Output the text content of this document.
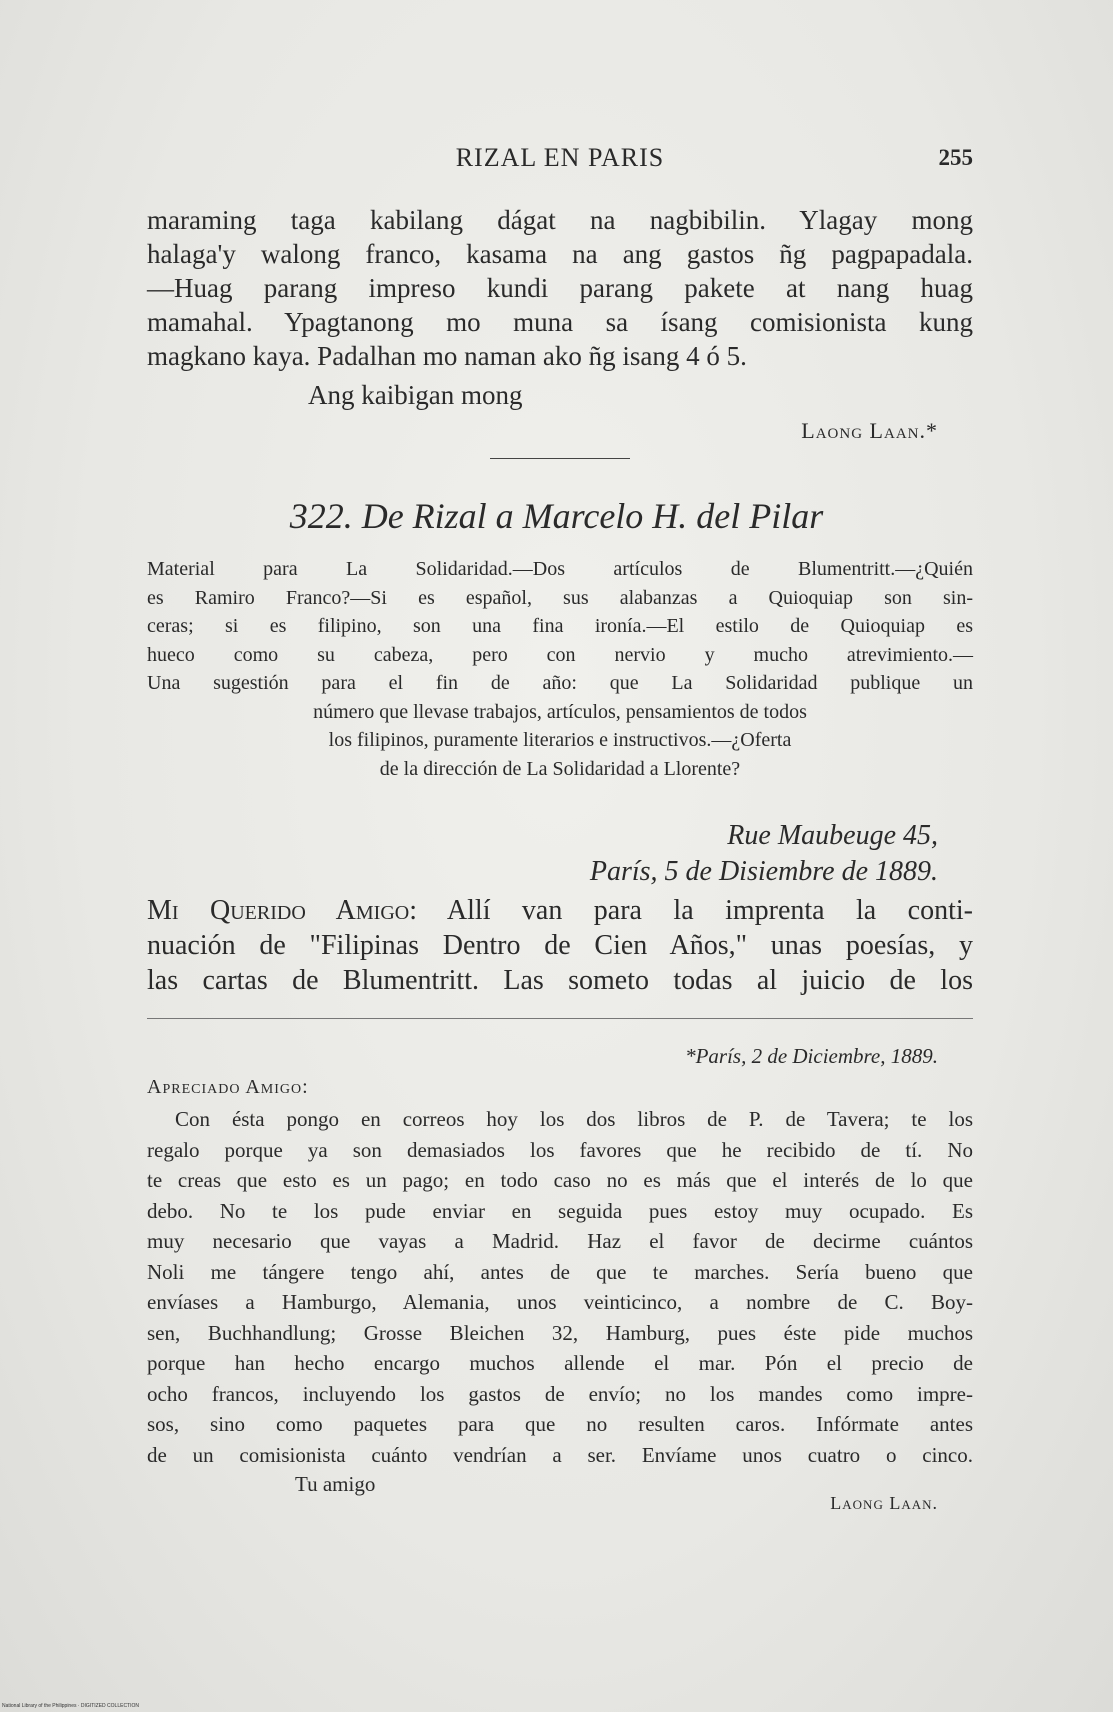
RIZAL EN PARIS	255

maraming taga kabilang dágat na nagbibilin. Ylagay mong
halaga'y walong franco, kasama na ang gastos ñg pagpapadala.
—Huag parang impreso kundi parang pakete at nang huag
mamahal. Ypagtanong mo muna sa ísang comisionista kung
magkano kaya. Padalhan mo naman ako ñg isang 4 ó 5.

Ang kaibigan mong
Laong Laan.*
322. De Rizal a Marcelo H. del Pilar
Material para La Solidaridad.—Dos artículos de Blumentritt.—¿Quién
es Ramiro Franco?—Si es español, sus alabanzas a Quioquiap son sin-
ceras; si es filipino, son una fina ironía.—El estilo de Quioquiap es
hueco como su cabeza, pero con nervio y mucho atrevimiento.—
Una sugestión para el fin de año: que La Solidaridad publique un
número que llevase trabajos, artículos, pensamientos de todos
los filipinos, puramente literarios e instructivos.—¿Oferta
de la dirección de La Solidaridad a Llorente?
Rue Maubeuge 45,
París, 5 de Disiembre de 1889.

Mi Querido Amigo: Allí van para la imprenta la conti-
nuación de "Filipinas Dentro de Cien Años," unas poesías, y
las cartas de Blumentritt. Las someto todas al juicio de los

*París, 2 de Diciembre, 1889.
Apreciado Amigo:

Con ésta pongo en correos hoy los dos libros de P. de Tavera; te los
regalo porque ya son demasiados los favores que he recibido de tí. No
te creas que esto es un pago; en todo caso no es más que el interés de lo que
debo. No te los pude enviar en seguida pues estoy muy ocupado. Es
muy necesario que vayas a Madrid. Haz el favor de decirme cuántos
Noli me tángere tengo ahí, antes de que te marches. Sería bueno que
envíases a Hamburgo, Alemania, unos veinticinco, a nombre de C. Boy-
sen, Buchhandlung; Grosse Bleichen 32, Hamburg, pues éste pide muchos
porque han hecho encargo muchos allende el mar. Pón el precio de
ocho francos, incluyendo los gastos de envío; no los mandes como impre-
sos, sino como paquetes para que no resulten caros. Infórmate antes
de un comisionista cuánto vendrían a ser. Envíame unos cuatro o cinco.

Tu amigo
Laong Laan.
National Library of the Philippines · DIGITIZED COLLECTION
